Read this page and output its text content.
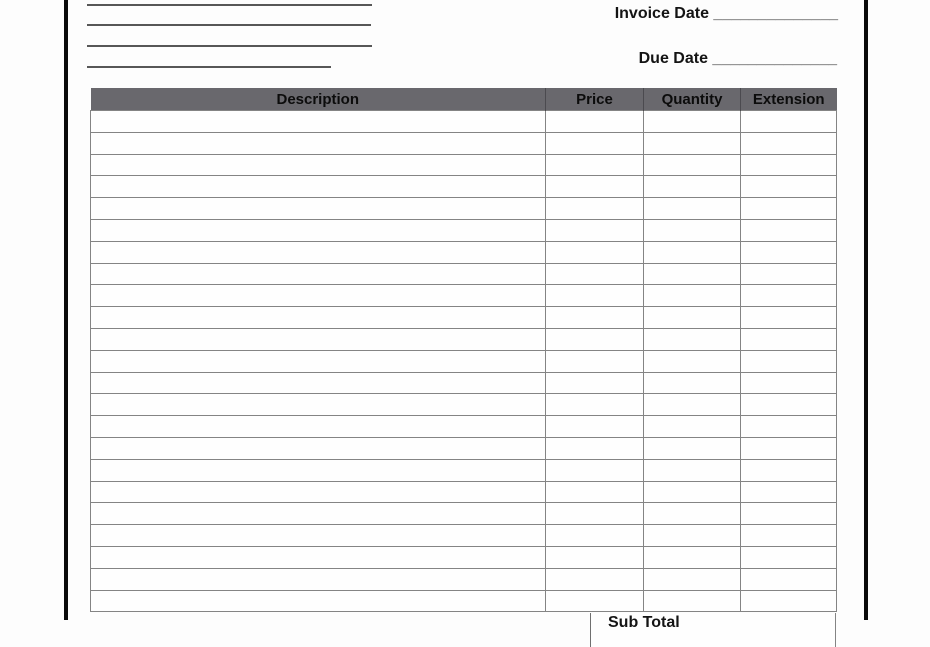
Invoice Date ______________
Due Date ______________
Description	Price	Quantity	Extension

Sub Total
